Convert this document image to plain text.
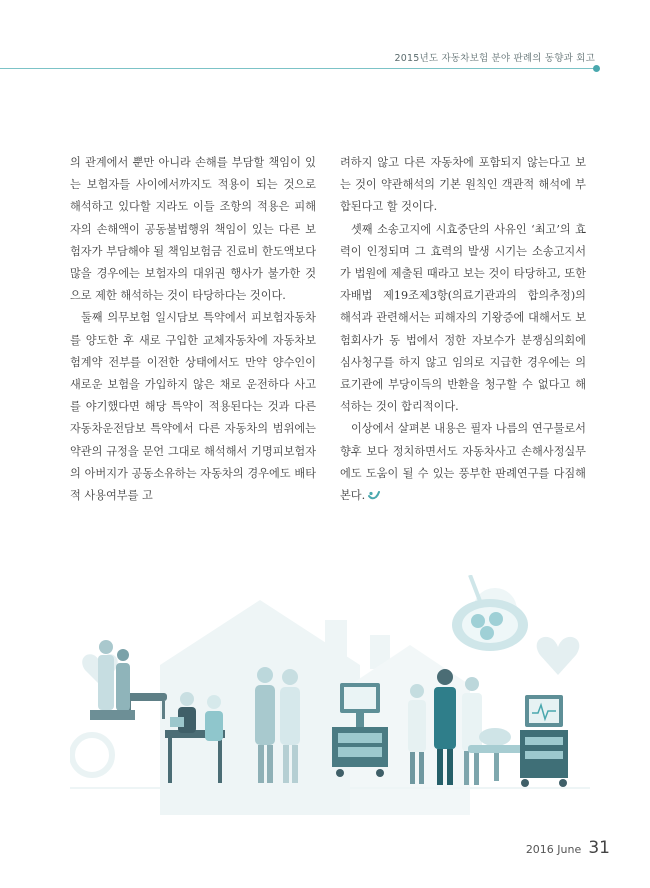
2015년도 자동차보험 분야 판례의 동향과 회고

의 관계에서 뿐만 아니라 손해를 부담할 책임이 있는 보험자들 사이에서까지도 적용이 되는 것으로 해석하고 있다할 지라도 이들 조항의 적용은 피해자의 손해액이 공동불법행위 책임이 있는 다른 보험자가 부담해야 될 책임보험금 진료비 한도액보다 많을 경우에는 보험자의 대위권 행사가 불가한 것으로 제한 해석하는 것이 타당하다는 것이다.

둘째 의무보험 일시담보 특약에서 피보험자동차를 양도한 후 새로 구입한 교체자동차에 자동차보험계약 전부를 이전한 상태에서도 만약 양수인이 새로운 보험을 가입하지 않은 채로 운전하다 사고를 야기했다면 해당 특약이 적용된다는 것과 다른 자동차운전담보 특약에서 다른 자동차의 범위에는 약관의 규정을 문언 그대로 해석해서 기명피보험자의 아버지가 공동소유하는 자동차의 경우에도 배타적 사용여부를 고

려하지 않고 다른 자동차에 포함되지 않는다고 보는 것이 약관해석의 기본 원칙인 객관적 해석에 부합된다고 할 것이다.

셋째 소송고지에 시효중단의 사유인 ‘최고’의 효력이 인정되며 그 효력의 발생 시기는 소송고지서가 법원에 제출된 때라고 보는 것이 타당하고, 또한 자배법 제19조제3항(의료기관과의 합의추정)의 해석과 관련해서는 피해자의 기왕증에 대해서도 보험회사가 동 법에서 정한 자보수가 분쟁심의회에 심사청구를 하지 않고 임의로 지급한 경우에는 의료기관에 부당이득의 반환을 청구할 수 없다고 해석하는 것이 합리적이다.

이상에서 살펴본 내용은 필자 나름의 연구물로서 향후 보다 정치하면서도 자동차사고 손해사정실무에도 도움이 될 수 있는 풍부한 판례연구를 다짐해 본다.

2016 June 31
